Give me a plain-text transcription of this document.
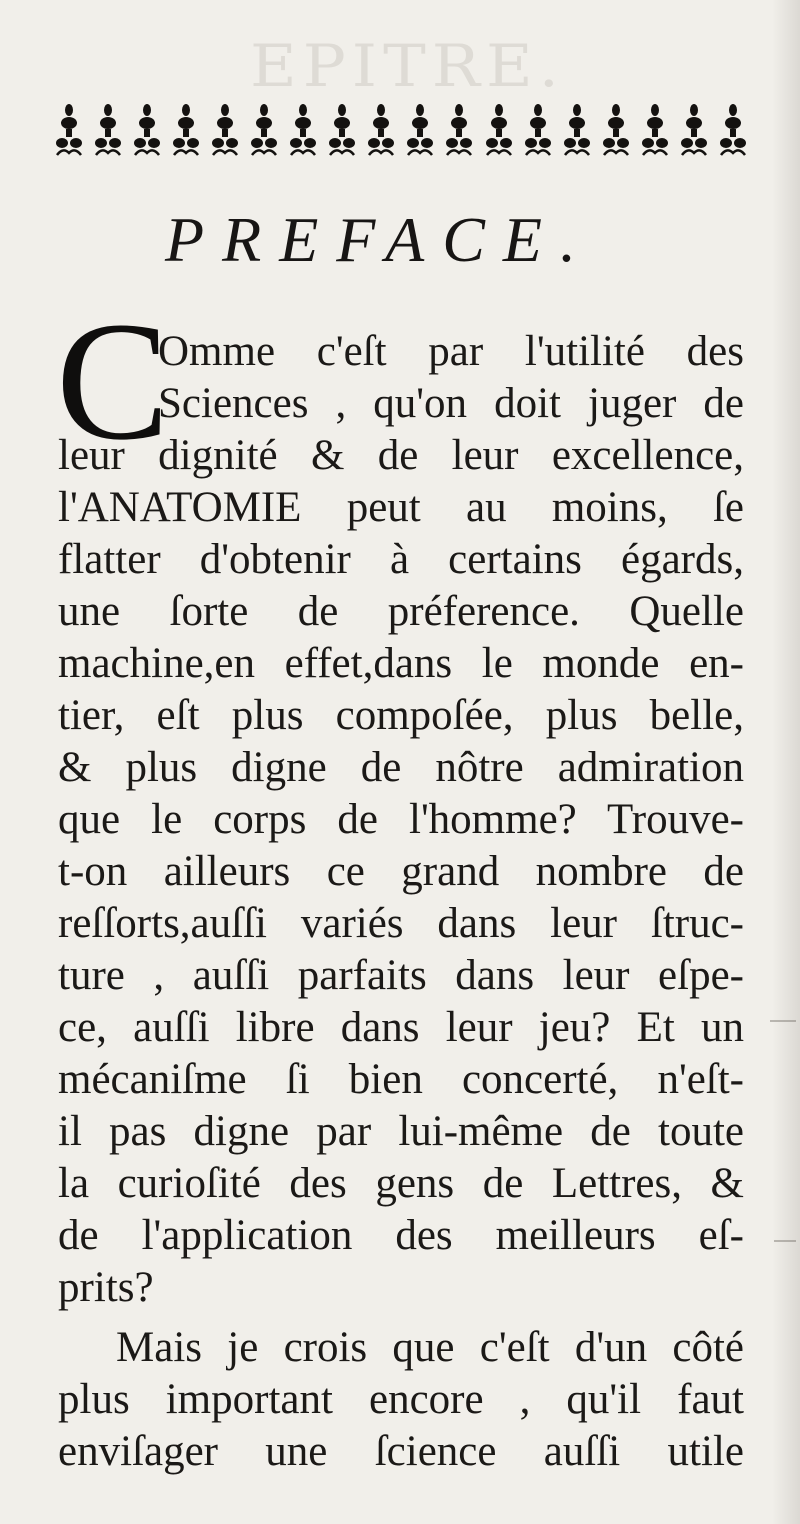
EPITRE.
PREFACE.
C
Omme c'eſt par l'utilité des
Sciences , qu'on doit juger de
leur dignité & de leur excellence,
l'ANATOMIE peut au moins, ſe
flatter d'obtenir à certains égards,
une ſorte de préference. Quelle
machine,en effet,dans le monde en-
tier, eſt plus compoſée, plus belle,
& plus digne de nôtre admiration
que le corps de l'homme? Trouve-
t-on ailleurs ce grand nombre de
reſſorts,auſſi variés dans leur ſtruc-
ture , auſſi parfaits dans leur eſpe-
ce, auſſi libre dans leur jeu? Et un
mécaniſme ſi bien concerté, n'eſt-
il pas digne par lui-même de toute
la curioſité des gens de Lettres, &
de l'application des meilleurs eſ-
prits?
Mais je crois que c'eſt d'un côté
plus important encore , qu'il faut
enviſager une ſcience auſſi utile
